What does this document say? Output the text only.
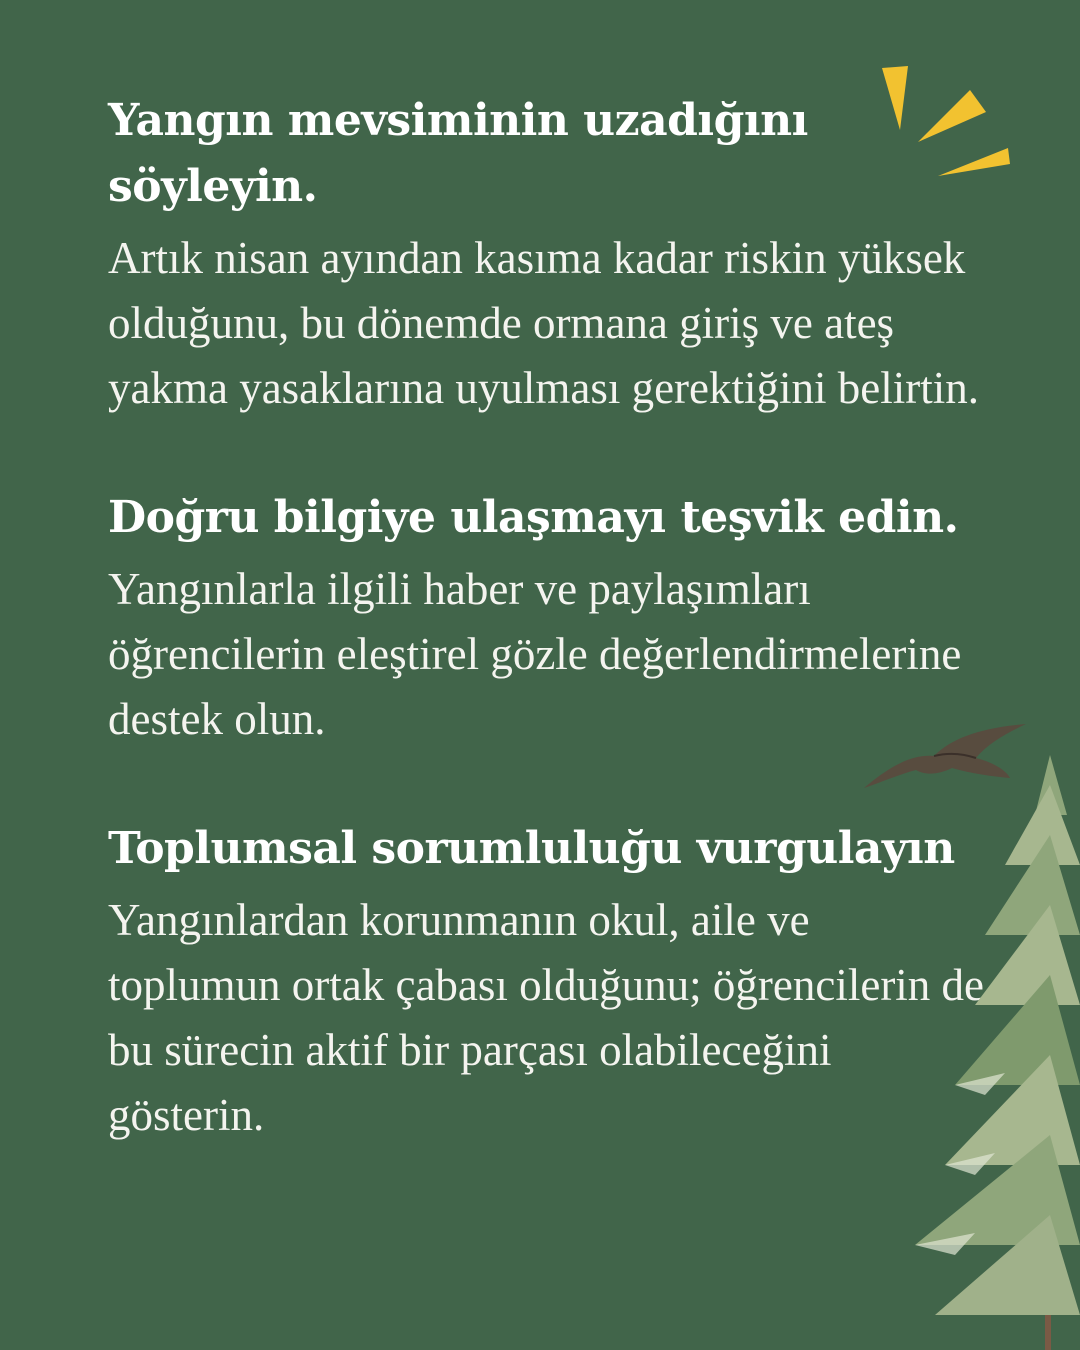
Yangın mevsiminin uzadığını söyleyin.

Artık nisan ayından kasıma kadar riskin yüksek olduğunu, bu dönemde ormana giriş ve ateş yakma yasaklarına uyulması gerektiğini belirtin.

Doğru bilgiye ulaşmayı teşvik edin.

Yangınlarla ilgili haber ve paylaşımları öğrencilerin eleştirel gözle değerlendirmelerine destek olun.

Toplumsal sorumluluğu vurgulayın

Yangınlardan korunmanın okul, aile ve toplumun ortak çabası olduğunu; öğrencilerin de bu sürecin aktif bir parçası olabileceğini gösterin.
